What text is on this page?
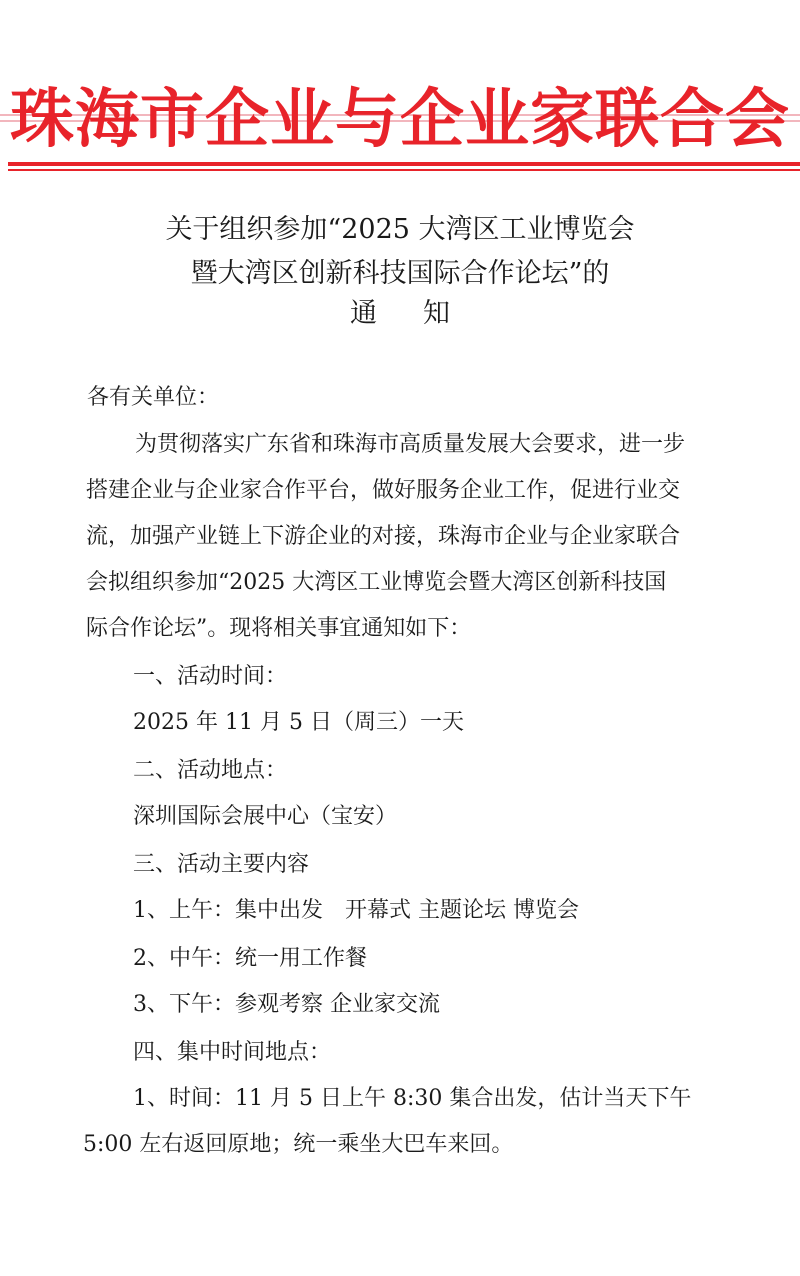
珠海市企业与企业家联合会
关于组织参加“2025 大湾区工业博览会
暨大湾区创新科技国际合作论坛”的
通知
各有关单位：
为贯彻落实广东省和珠海市高质量发展大会要求，进一步
搭建企业与企业家合作平台，做好服务企业工作，促进行业交
流，加强产业链上下游企业的对接，珠海市企业与企业家联合
会拟组织参加“2025 大湾区工业博览会暨大湾区创新科技国
际合作论坛”。现将相关事宜通知如下：
一、活动时间：
2025 年 11 月 5 日（周三）一天
二、活动地点：
深圳国际会展中心（宝安）
三、活动主要内容
1、上午：集中出发　开幕式 主题论坛 博览会
2、中午：统一用工作餐
3、下午：参观考察 企业家交流
四、集中时间地点：
1、时间：11 月 5 日上午 8:30 集合出发，估计当天下午
5:00 左右返回原地；统一乘坐大巴车来回。
